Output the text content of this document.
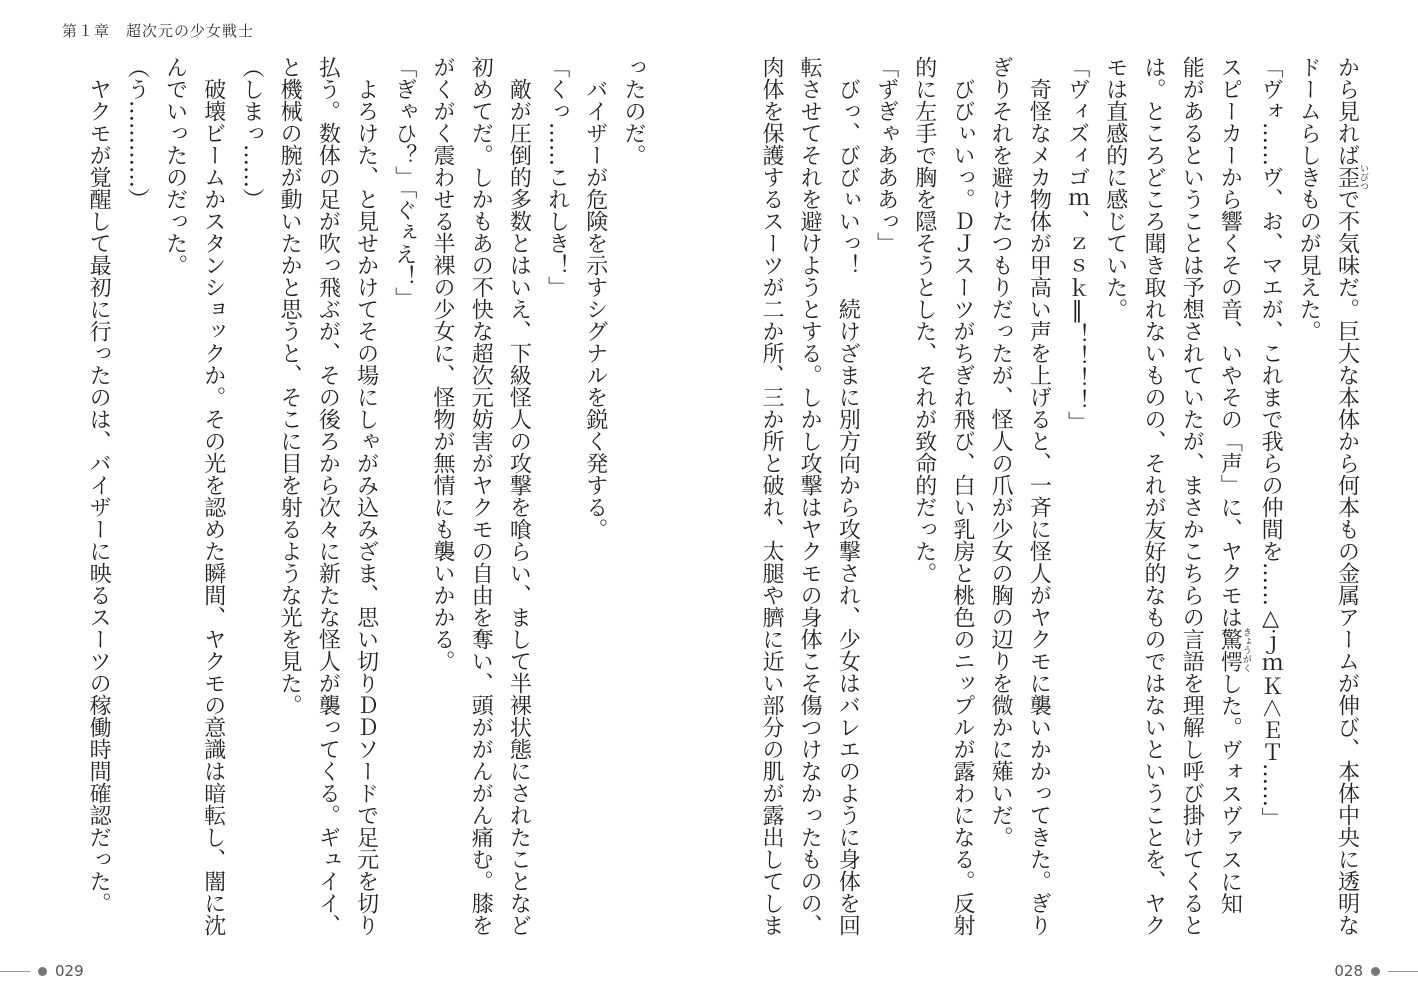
第１章　超次元の少女戦士
から見れば歪いびつで不気味だ。巨大な本体から何本もの金属アームが伸び、本体中央に透明な
ドームらしきものが見えた。
「ヴォ……ヴ、お、マエが、これまで我らの仲間を……△ｊｍＫ＜ＥＴ……」
スピーカーから響くその音、いやその「声」に、ヤクモは驚愕きょうがくした。ヴォスヴァスに知
能があるということは予想されていたが、まさかこちらの言語を理解し呼び掛けてくると
は。ところどころ聞き取れないものの、それが友好的なものではないということを、ヤク
モは直感的に感じていた。
「ヴィズィゴｍ、ｚｓｋ‖！！！！」
　奇怪なメカ物体が甲高い声を上げると、一斉に怪人がヤクモに襲いかかってきた。ぎり
ぎりそれを避けたつもりだったが、怪人の爪が少女の胸の辺りを微かに薙いだ。
　びびぃいっ。ＤＪスーツがちぎれ飛び、白い乳房と桃色のニップルが露わになる。反射
的に左手で胸を隠そうとした、それが致命的だった。
「ずぎゃあああっ」
　びっ、びびぃいっ！　続けざまに別方向から攻撃され、少女はバレエのように身体を回
転させてそれを避けようとする。しかし攻撃はヤクモの身体こそ傷つけなかったものの、
肉体を保護するスーツが二か所、三か所と破れ、太腿や臍に近い部分の肌が露出してしま
ったのだ。
　バイザーが危険を示すシグナルを鋭く発する。
「くっ……これしき！」
　敵が圧倒的多数とはいえ、下級怪人の攻撃を喰らい、まして半裸状態にされたことなど
初めてだ。しかもあの不快な超次元妨害がヤクモの自由を奪い、頭ががんがん痛む。膝を
がくがく震わせる半裸の少女に、怪物が無情にも襲いかかる。
「ぎゃひ？」「ぐぇえ！」
　よろけた、と見せかけてその場にしゃがみ込みざま、思い切りＤＤソードで足元を切り
払う。数体の足が吹っ飛ぶが、その後ろから次々に新たな怪人が襲ってくる。ギュイイ、
と機械の腕が動いたかと思うと、そこに目を射るような光を見た。
（しまっ……）
　破壊ビームかスタンショックか。その光を認めた瞬間、ヤクモの意識は暗転し、闇に沈
んでいったのだった。
（う…………）
　ヤクモが覚醒して最初に行ったのは、バイザーに映るスーツの稼働時間確認だった。
029	028
